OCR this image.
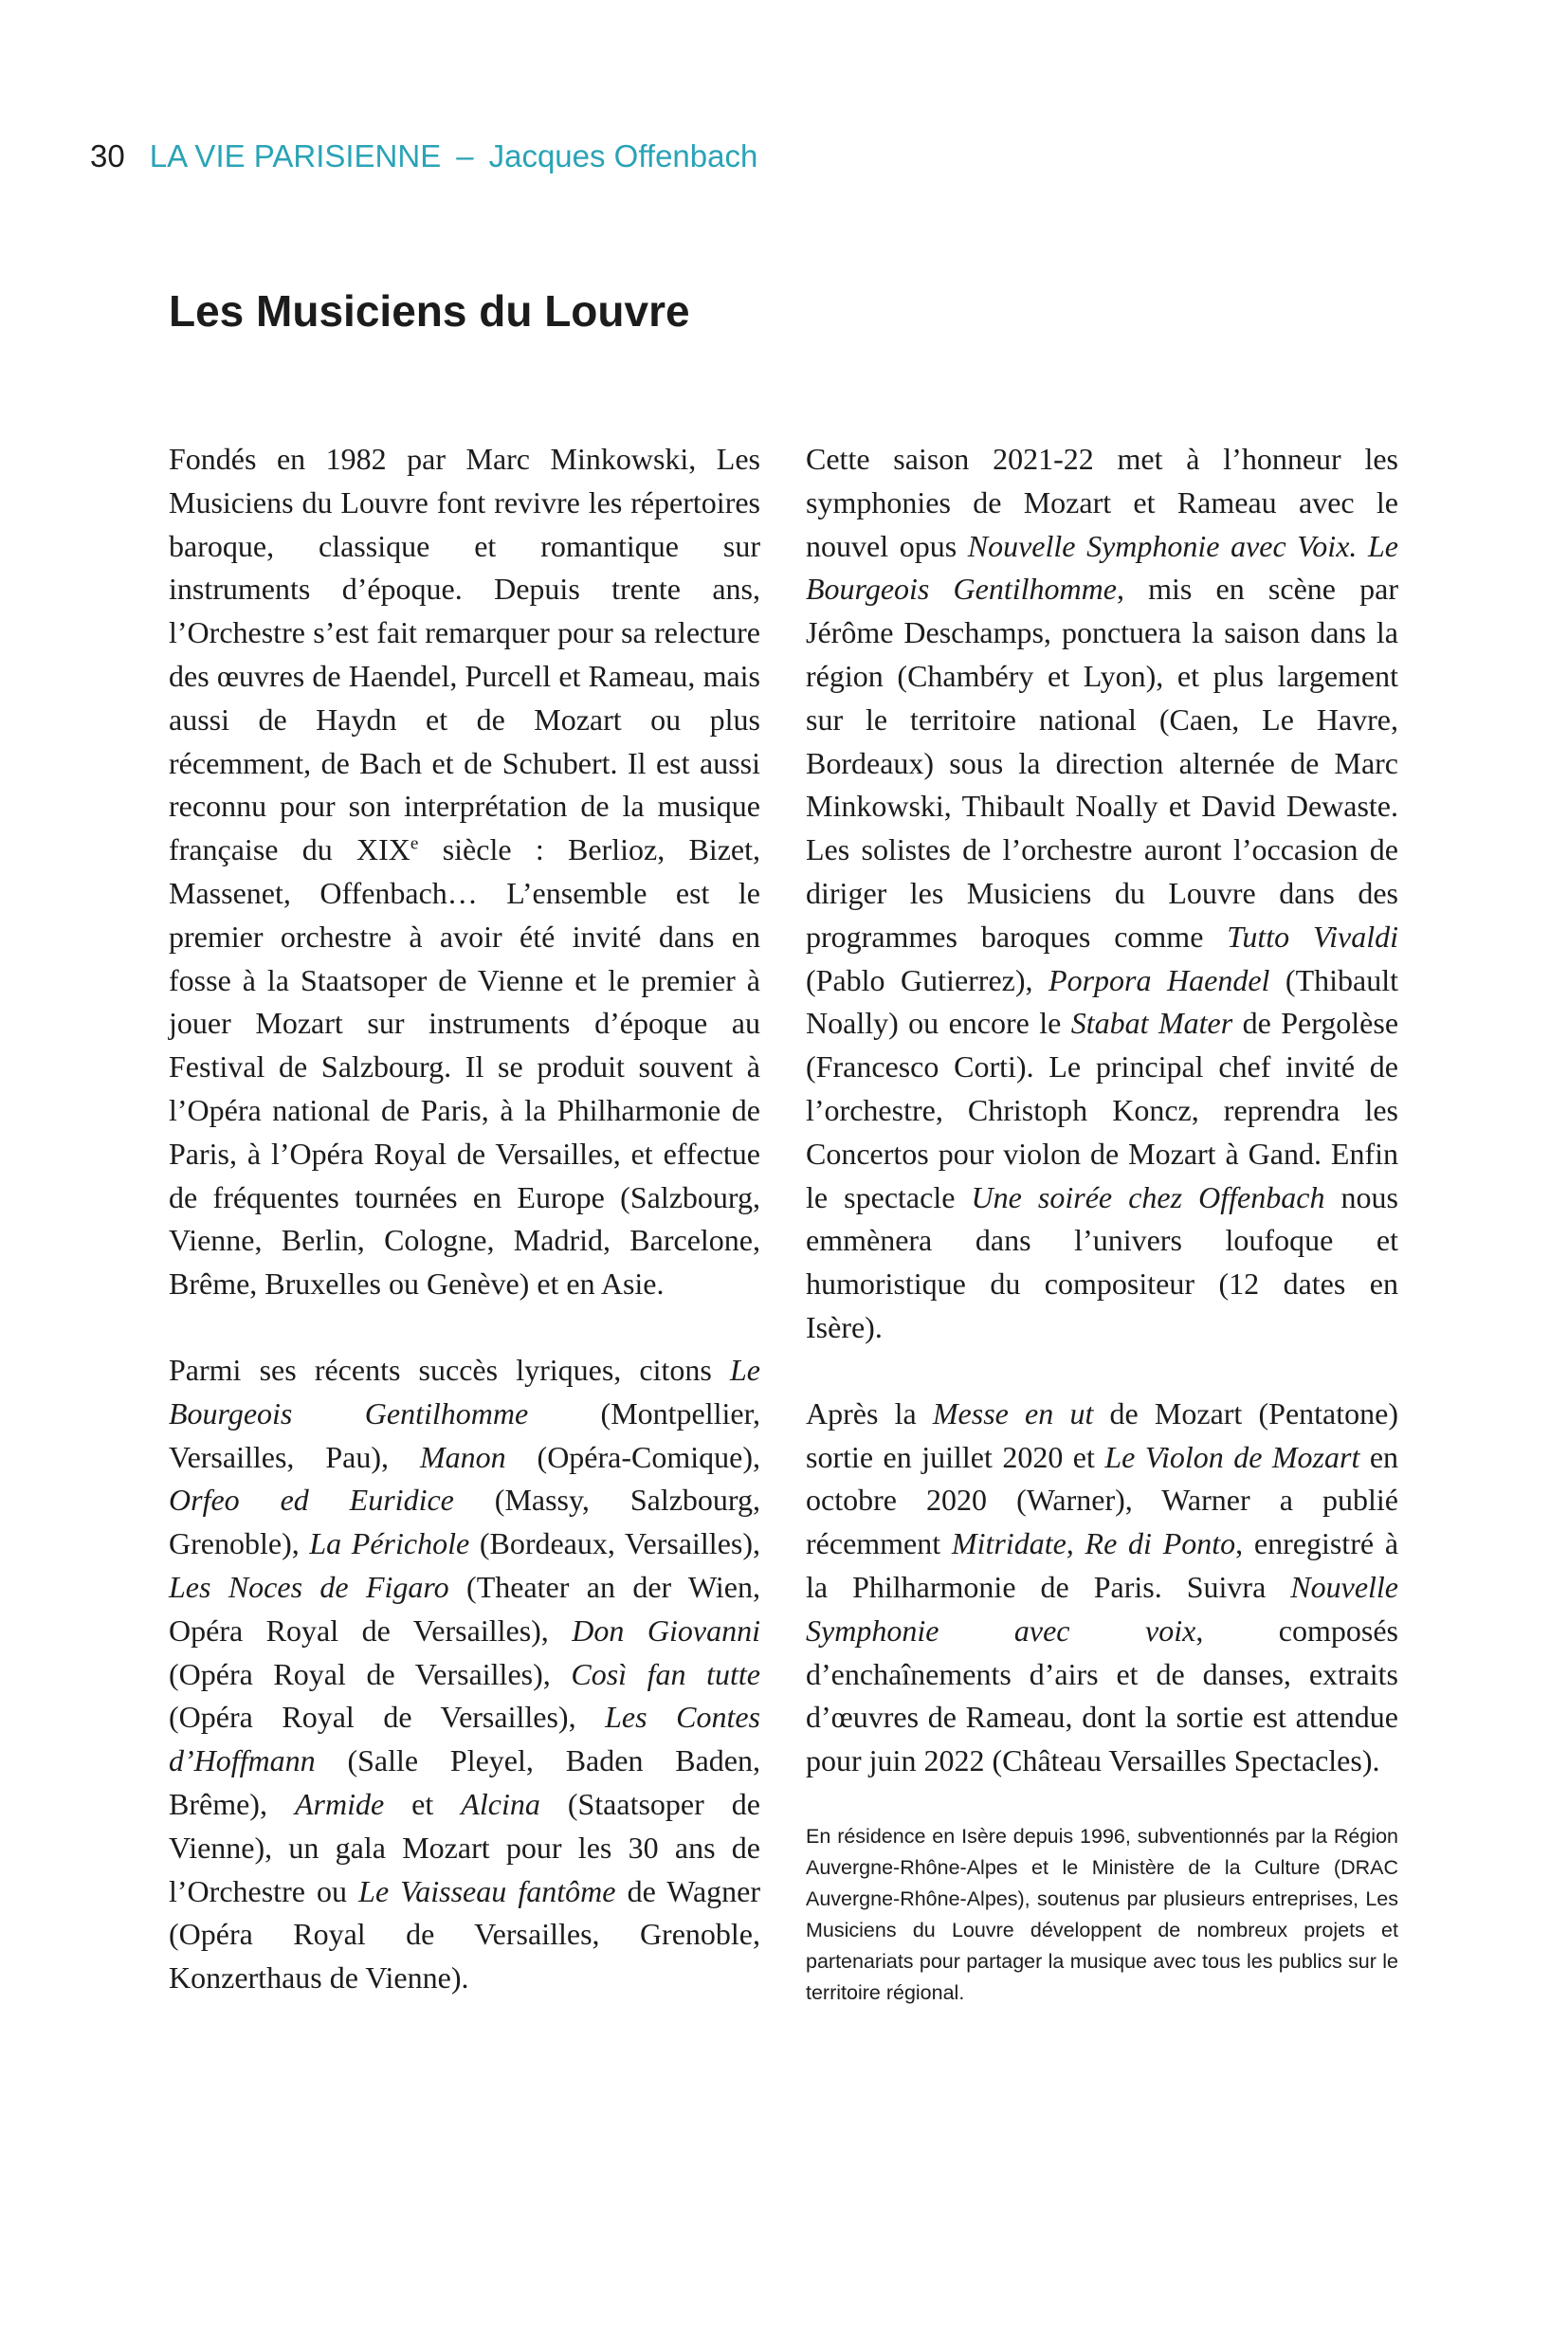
30 LA VIE PARISIENNE – Jacques Offenbach
Les Musiciens du Louvre

Fondés en 1982 par Marc Minkowski, Les Musiciens du Louvre font revivre les répertoires baroque, classique et romantique sur instruments d’époque. Depuis trente ans, l’Orchestre s’est fait remarquer pour sa relecture des œuvres de Haendel, Purcell et Rameau, mais aussi de Haydn et de Mozart ou plus récemment, de Bach et de Schubert. Il est aussi reconnu pour son interprétation de la musique française du XIXe siècle : Berlioz, Bizet, Massenet, Offenbach… L’ensemble est le premier orchestre à avoir été invité dans en fosse à la Staatsoper de Vienne et le premier à jouer Mozart sur instruments d’époque au Festival de Salzbourg. Il se produit souvent à l’Opéra national de Paris, à la Philharmonie de Paris, à l’Opéra Royal de Versailles, et effectue de fréquentes tournées en Europe (Salzbourg, Vienne, Berlin, Cologne, Madrid, Barcelone, Brême, Bruxelles ou Genève) et en Asie.

Parmi ses récents succès lyriques, citons Le Bourgeois Gentilhomme (Montpellier, Versailles, Pau), Manon (Opéra-Comique), Orfeo ed Euridice (Massy, Salzbourg, Grenoble), La Périchole (Bordeaux, Versailles), Les Noces de Figaro (Theater an der Wien, Opéra Royal de Versailles), Don Giovanni (Opéra Royal de Versailles), Così fan tutte (Opéra Royal de Versailles), Les Contes d’Hoffmann (Salle Pleyel, Baden Baden, Brême), Armide et Alcina (Staatsoper de Vienne), un gala Mozart pour les 30 ans de l’Orchestre ou Le Vaisseau fantôme de Wagner (Opéra Royal de Versailles, Grenoble, Konzerthaus de Vienne).

Cette saison 2021-22 met à l’honneur les symphonies de Mozart et Rameau avec le nouvel opus Nouvelle Symphonie avec Voix. Le Bourgeois Gentilhomme, mis en scène par Jérôme Deschamps, ponctuera la saison dans la région (Chambéry et Lyon), et plus largement sur le territoire national (Caen, Le Havre, Bordeaux) sous la direction alternée de Marc Minkowski, Thibault Noally et David Dewaste. Les solistes de l’orchestre auront l’occasion de diriger les Musiciens du Louvre dans des programmes baroques comme Tutto Vivaldi (Pablo Gutierrez), Porpora Haendel (Thibault Noally) ou encore le Stabat Mater de Pergolèse (Francesco Corti). Le principal chef invité de l’orchestre, Christoph Koncz, reprendra les Concertos pour violon de Mozart à Gand. Enfin le spectacle Une soirée chez Offenbach nous emmènera dans l’univers loufoque et humoristique du compositeur (12 dates en Isère).

Après la Messe en ut de Mozart (Pentatone) sortie en juillet 2020 et Le Violon de Mozart en octobre 2020 (Warner), Warner a publié récemment Mitridate, Re di Ponto, enregistré à la Philharmonie de Paris. Suivra Nouvelle Symphonie avec voix, composés d’enchaînements d’airs et de danses, extraits d’œuvres de Rameau, dont la sortie est attendue pour juin 2022 (Château Versailles Spectacles).

En résidence en Isère depuis 1996, subventionnés par la Région Auvergne-Rhône-Alpes et le Ministère de la Culture (DRAC Auvergne-Rhône-Alpes), soutenus par plusieurs entreprises, Les Musiciens du Louvre développent de nombreux projets et partenariats pour partager la musique avec tous les publics sur le territoire régional.
